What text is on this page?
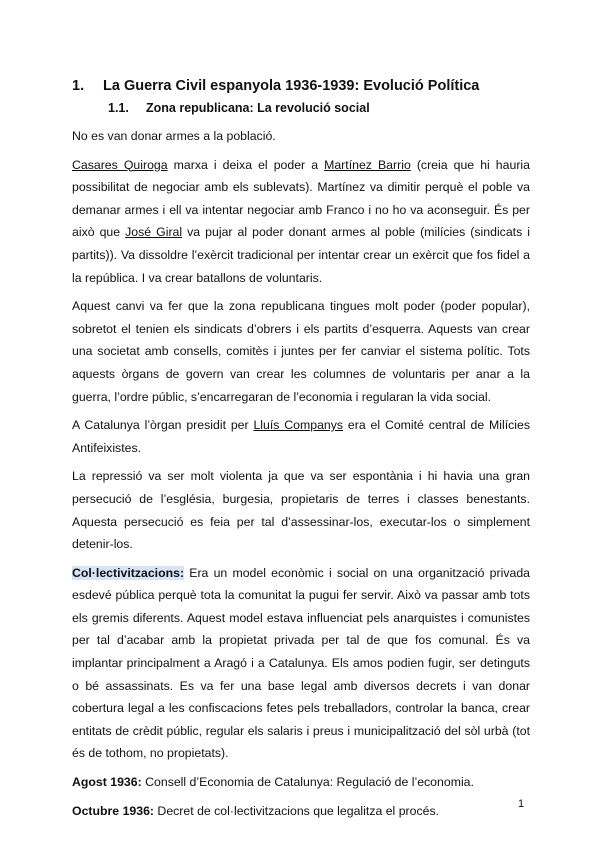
1. La Guerra Civil espanyola 1936-1939: Evolució Política
1.1. Zona republicana: La revolució social

No es van donar armes a la població.

Casares Quiroga marxa i deixa el poder a Martínez Barrio (creia que hi hauria possibilitat de negociar amb els sublevats). Martínez va dimitir perquè el poble va demanar armes i ell va intentar negociar amb Franco i no ho va aconseguir. És per això que José Giral va pujar al poder donant armes al poble (milícies (sindicats i partits)). Va dissoldre l’exèrcit tradicional per intentar crear un exèrcit que fos fidel a la república. I va crear batallons de voluntaris.

Aquest canvi va fer que la zona republicana tingues molt poder (poder popular), sobretot el tenien els sindicats d’obrers i els partits d’esquerra. Aquests van crear una societat amb consells, comitès i juntes per fer canviar el sistema polític. Tots aquests òrgans de govern van crear les columnes de voluntaris per anar a la guerra, l’ordre públic, s’encarregaran de l’economia i regularan la vida social.

A Catalunya l’òrgan presidit per Lluís Companys era el Comité central de Milícies Antifeixistes.

La repressió va ser molt violenta ja que va ser espontània i hi havia una gran persecució de l’església, burgesia, propietaris de terres i classes benestants. Aquesta persecució es feia per tal d’assessinar-los, executar-los o simplement detenir-los.

Col·lectivitzacions: Era un model econòmic i social on una organització privada esdevé pública perquè tota la comunitat la pugui fer servir. Això va passar amb tots els gremis diferents. Aquest model estava influenciat pels anarquistes i comunistes per tal d’acabar amb la propietat privada per tal de que fos comunal. És va implantar principalment a Aragó i a Catalunya. Els amos podien fugir, ser detinguts o bé assassinats. Es va fer una base legal amb diversos decrets i van donar cobertura legal a les confiscacions fetes pels treballadors, controlar la banca, crear entitats de crèdit públic, regular els salaris i preus i municipalització del sòl urbà (tot és de tothom, no propietats).

Agost 1936: Consell d’Economia de Catalunya: Regulació de l’economia.

Octubre 1936: Decret de col·lectivitzacions que legalitza el procés.	1
